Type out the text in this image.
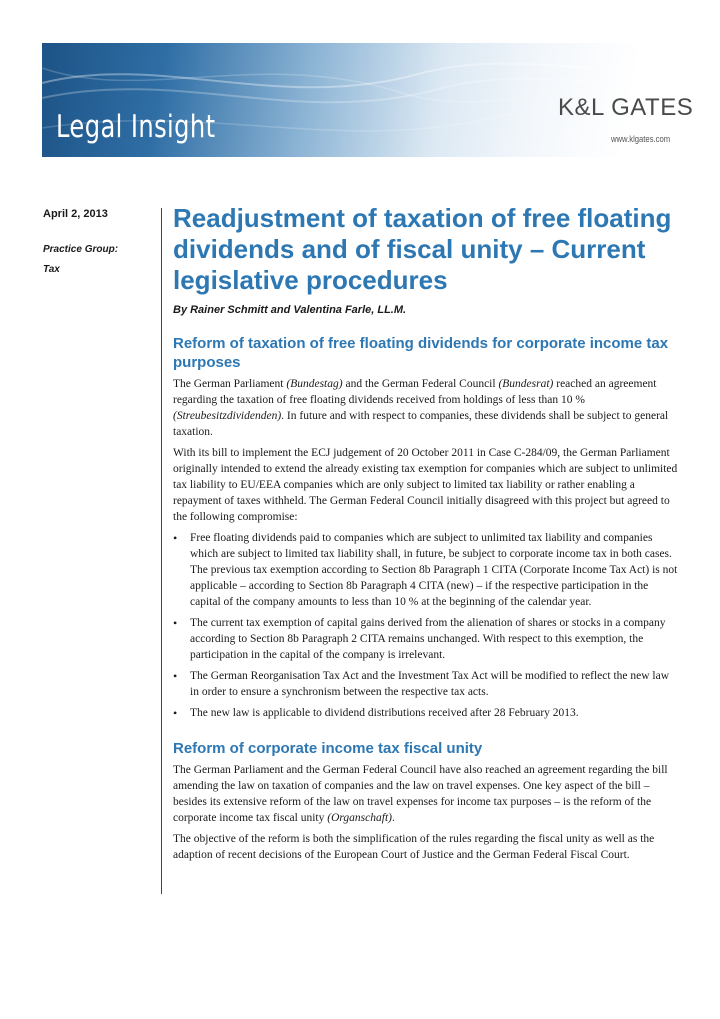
Legal Insight
K&L GATES
www.klgates.com
April 2, 2013
Practice Group:
Tax
Readjustment of taxation of free floating dividends and of fiscal unity – Current legislative procedures
By Rainer Schmitt and Valentina Farle, LL.M.
Reform of taxation of free floating dividends for corporate income tax purposes

The German Parliament (Bundestag) and the German Federal Council (Bundesrat) reached an agreement regarding the taxation of free floating dividends received from holdings of less than 10 % (Streubesitzdividenden). In future and with respect to companies, these dividends shall be subject to general taxation.

With its bill to implement the ECJ judgement of 20 October 2011 in Case C-284/09, the German Parliament originally intended to extend the already existing tax exemption for companies which are subject to unlimited tax liability to EU/EEA companies which are only subject to limited tax liability or rather enabling a repayment of taxes withheld. The German Federal Council initially disagreed with this project but agreed to the following compromise:

• Free floating dividends paid to companies which are subject to unlimited tax liability and companies which are subject to limited tax liability shall, in future, be subject to corporate income tax in both cases. The previous tax exemption according to Section 8b Paragraph 1 CITA (Corporate Income Tax Act) is not applicable – according to Section 8b Paragraph 4 CITA (new) – if the respective participation in the capital of the company amounts to less than 10 % at the beginning of the calendar year.
• The current tax exemption of capital gains derived from the alienation of shares or stocks in a company according to Section 8b Paragraph 2 CITA remains unchanged. With respect to this exemption, the participation in the capital of the company is irrelevant.
• The German Reorganisation Tax Act and the Investment Tax Act will be modified to reflect the new law in order to ensure a synchronism between the respective tax acts.
• The new law is applicable to dividend distributions received after 28 February 2013.
Reform of corporate income tax fiscal unity

The German Parliament and the German Federal Council have also reached an agreement regarding the bill amending the law on taxation of companies and the law on travel expenses. One key aspect of the bill – besides its extensive reform of the law on travel expenses for income tax purposes – is the reform of the corporate income tax fiscal unity (Organschaft).

The objective of the reform is both the simplification of the rules regarding the fiscal unity as well as the adaption of recent decisions of the European Court of Justice and the German Federal Fiscal Court.
